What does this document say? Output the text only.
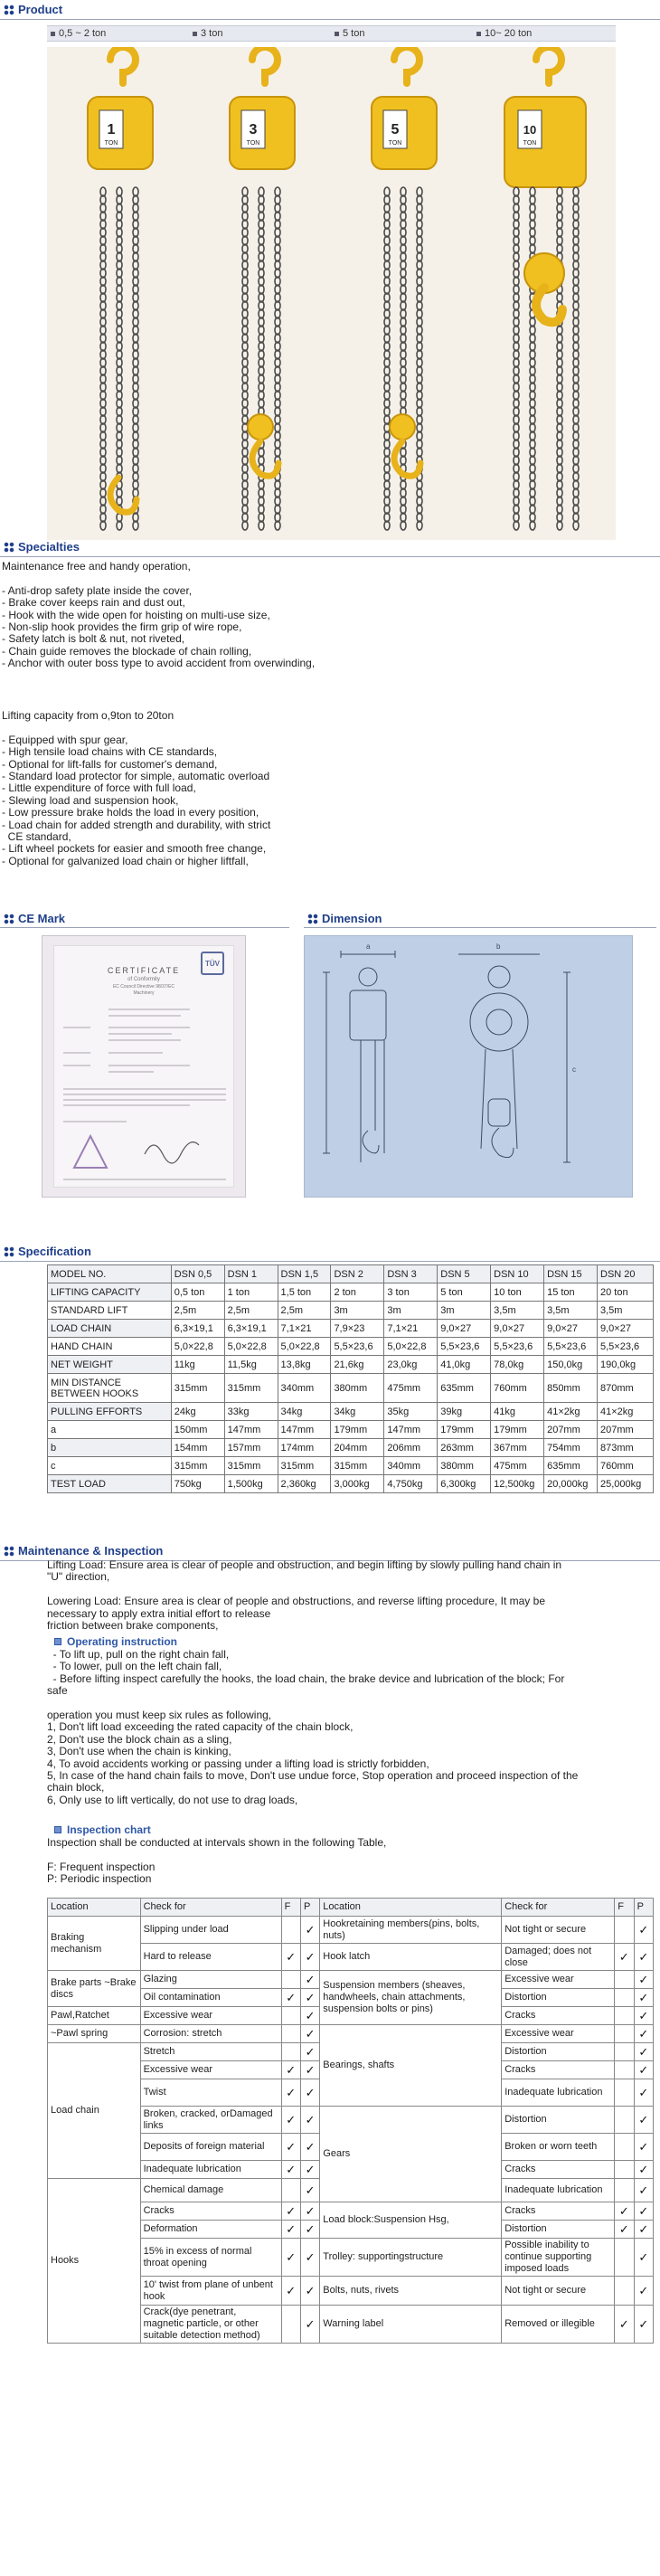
Product
0,5 ~ 2 ton
1
TON
3 ton
3
TON
5 ton
5
TON
10~ 20 ton
10
TON
Specialties
Maintenance free and handy operation,

- Anti-drop safety plate inside the cover,
- Brake cover keeps rain and dust out,
- Hook with the wide open for hoisting on multi-use size,
- Non-slip hook provides the firm grip of wire rope,
- Safety latch is bolt & nut, not riveted,
- Chain guide removes the blockade of chain rolling,
- Anchor with outer boss type to avoid accident from overwinding,
Lifting capacity from o,9ton to 20ton

- Equipped with spur gear,
- High tensile load chains with CE standards,
- Optional for lift-falls for customer's demand,
- Standard load protector for simple, automatic overload
- Little expenditure of force with full load,
- Slewing load and suspension hook,
- Low pressure brake holds the load in every position,
- Load chain for added strength and durability, with strict
CE standard,
- Lift wheel pockets for easier and smooth free change,
- Optional for galvanized load chain or higher liftfall,
CE Mark	Dimension
TÜV
CERTIFICATE
of Conformity
EC Council Directive 98/37/EC
Machinery
a	b
c
Specification
MODEL NO.	DSN 0,5	DSN 1	DSN 1,5	DSN 2	DSN 3	DSN 5	DSN 10	DSN 15	DSN 20
LIFTING CAPACITY	0,5 ton	1 ton	1,5 ton	2 ton	3 ton	5 ton	10 ton	15 ton	20 ton
STANDARD LIFT	2,5m	2,5m	2,5m	3m	3m	3m	3,5m	3,5m	3,5m
LOAD CHAIN	6,3×19,1	6,3×19,1	7,1×21	7,9×23	7,1×21	9,0×27	9,0×27	9,0×27	9,0×27
HAND CHAIN	5,0×22,8	5,0×22,8	5,0×22,8	5,5×23,6	5,0×22,8	5,5×23,6	5,5×23,6	5,5×23,6	5,5×23,6
NET WEIGHT	11kg	11,5kg	13,8kg	21,6kg	23,0kg	41,0kg	78,0kg	150,0kg	190,0kg

MIN DISTANCE
BETWEEN HOOKS	315mm	315mm	340mm	380mm	475mm	635mm	760mm	850mm	870mm
PULLING EFFORTS	24kg	33kg	34kg	34kg	35kg	39kg	41kg	41×2kg	41×2kg
a	150mm	147mm	147mm	179mm	147mm	179mm	179mm	207mm	207mm
b	154mm	157mm	174mm	204mm	206mm	263mm	367mm	754mm	873mm
c	315mm	315mm	315mm	315mm	340mm	380mm	475mm	635mm	760mm
TEST LOAD	750kg	1,500kg	2,360kg	3,000kg	4,750kg	6,300kg	12,500kg	20,000kg	25,000kg
Maintenance & Inspection
Lifting Load: Ensure area is clear of people and obstruction, and begin lifting by slowly pulling hand chain in
"U" direction,

Lowering Load: Ensure area is clear of people and obstructions, and reverse lifting procedure, It may be
necessary to apply extra initial effort to release
friction between brake components,
Operating instruction
- To lift up, pull on the right chain fall,
- To lower, pull on the left chain fall,
- Before lifting inspect carefully the hooks, the load chain, the brake device and lubrication of the block; For
safe

operation you must keep six rules as following,
1, Don't lift load exceeding the rated capacity of the chain block,
2, Don't use the block chain as a sling,
3, Don't use when the chain is kinking,
4, To avoid accidents working or passing under a lifting load is strictly forbidden,
5, In case of the hand chain fails to move, Don't use undue force, Stop operation and proceed inspection of the
chain block,
6, Only use to lift vertically, do not use to drag loads,
Inspection chart
Inspection shall be conducted at intervals shown in the following Table,

F: Frequent inspection
P: Periodic inspection
Location	Check for	F	P	Location	Check for	F	P
Braking mechanism	Slipping under load		✓	Hookretaining members(pins, bolts, nuts)	Not tight or secure		✓
	Hard to release	✓	✓	Hook latch	Damaged; does not close	✓	✓
Brake parts ~Brake discs	Glazing		✓	Suspension members (sheaves, handwheels, chain attachments, suspension bolts or pins)	Excessive wear		✓
	Oil contamination	✓	✓		Distortion		✓
Pawl,Ratchet	Excessive wear		✓		Cracks		✓
~Pawl spring	Corrosion: stretch		✓	Bearings, shafts	Excessive wear		✓
Load chain	Stretch		✓		Distortion		✓
	Excessive wear	✓	✓		Cracks		✓
	Twist	✓	✓		Inadequate lubrication		✓
	Broken, cracked, orDamaged links	✓	✓	Gears	Distortion		✓
	Deposits of foreign material	✓	✓		Broken or worn teeth		✓
	Inadequate lubrication	✓	✓		Cracks		✓
Hooks	Chemical damage		✓		Inadequate lubrication		✓
	Cracks	✓	✓	Load block:Suspension Hsg,	Cracks	✓	✓
	Deformation	✓	✓		Distortion	✓	✓
	15% in excess of normal throat opening	✓	✓	Trolley: supportingstructure	Possible inability to continue supporting imposed loads		✓
	10' twist from plane of unbent hook	✓	✓	Bolts, nuts, rivets	Not tight or secure		✓
	Crack(dye penetrant, magnetic particle, or other suitable detection method)		✓	Warning label	Removed or illegible	✓	✓
